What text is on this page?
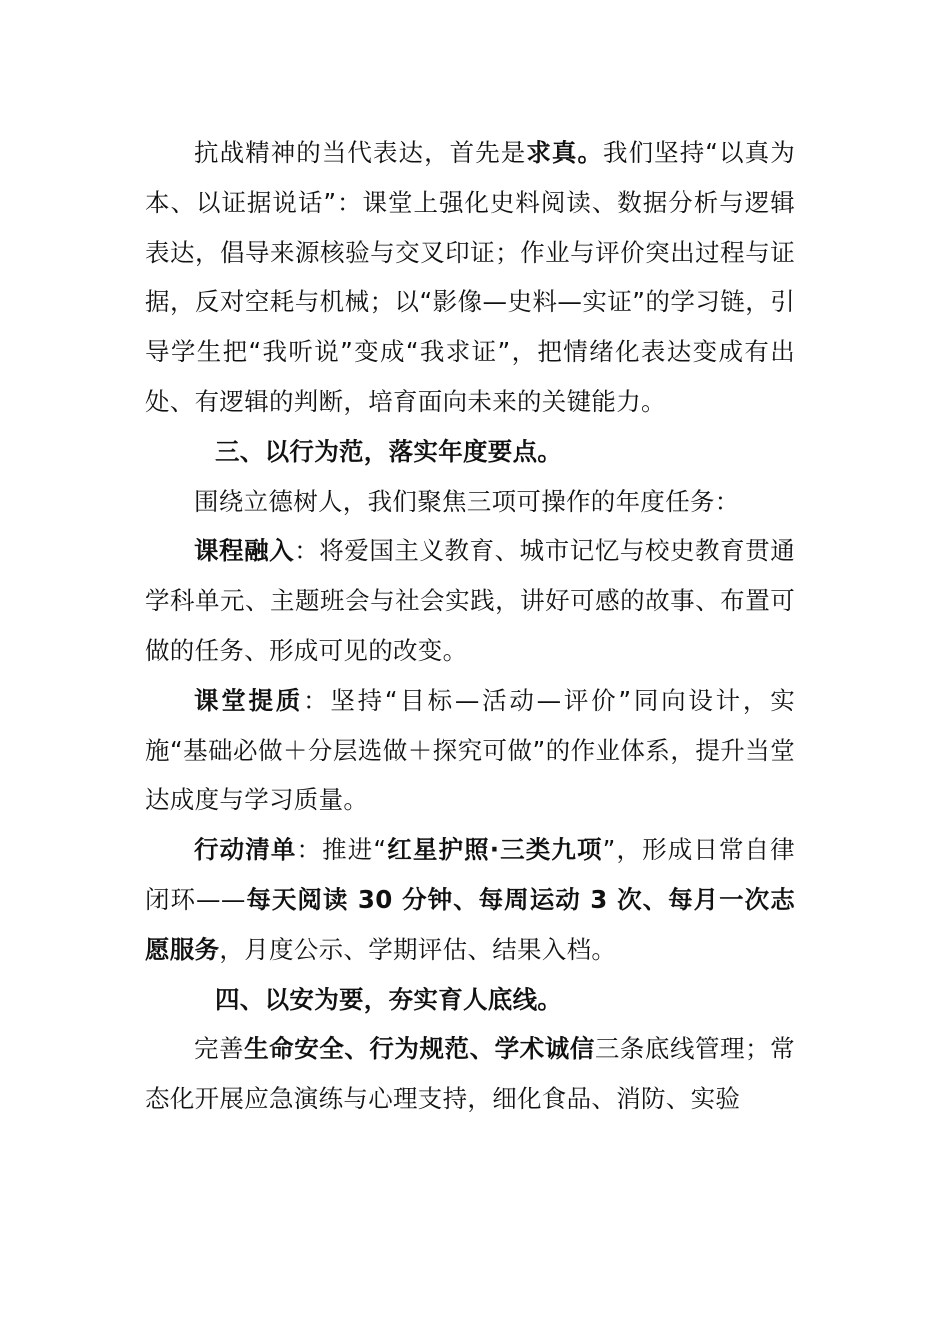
抗战精神的当代表达，首先是求真。我们坚持“以真为本、以证据说话”：课堂上强化史料阅读、数据分析与逻辑表达，倡导来源核验与交叉印证；作业与评价突出过程与证据，反对空耗与机械；以“影像—史料—实证”的学习链，引导学生把“我听说”变成“我求证”，把情绪化表达变成有出处、有逻辑的判断，培育面向未来的关键能力。

三、以行为范，落实年度要点。

围绕立德树人，我们聚焦三项可操作的年度任务：

课程融入：将爱国主义教育、城市记忆与校史教育贯通学科单元、主题班会与社会实践，讲好可感的故事、布置可做的任务、形成可见的改变。

课堂提质：坚持“目标—活动—评价”同向设计，实施“基础必做＋分层选做＋探究可做”的作业体系，提升当堂达成度与学习质量。

行动清单：推进“红星护照·三类九项”，形成日常自律闭环——每天阅读 30 分钟、每周运动 3 次、每月一次志愿服务，月度公示、学期评估、结果入档。

四、以安为要，夯实育人底线。

完善生命安全、行为规范、学术诚信三条底线管理；常态化开展应急演练与心理支持，细化食品、消防、实验
